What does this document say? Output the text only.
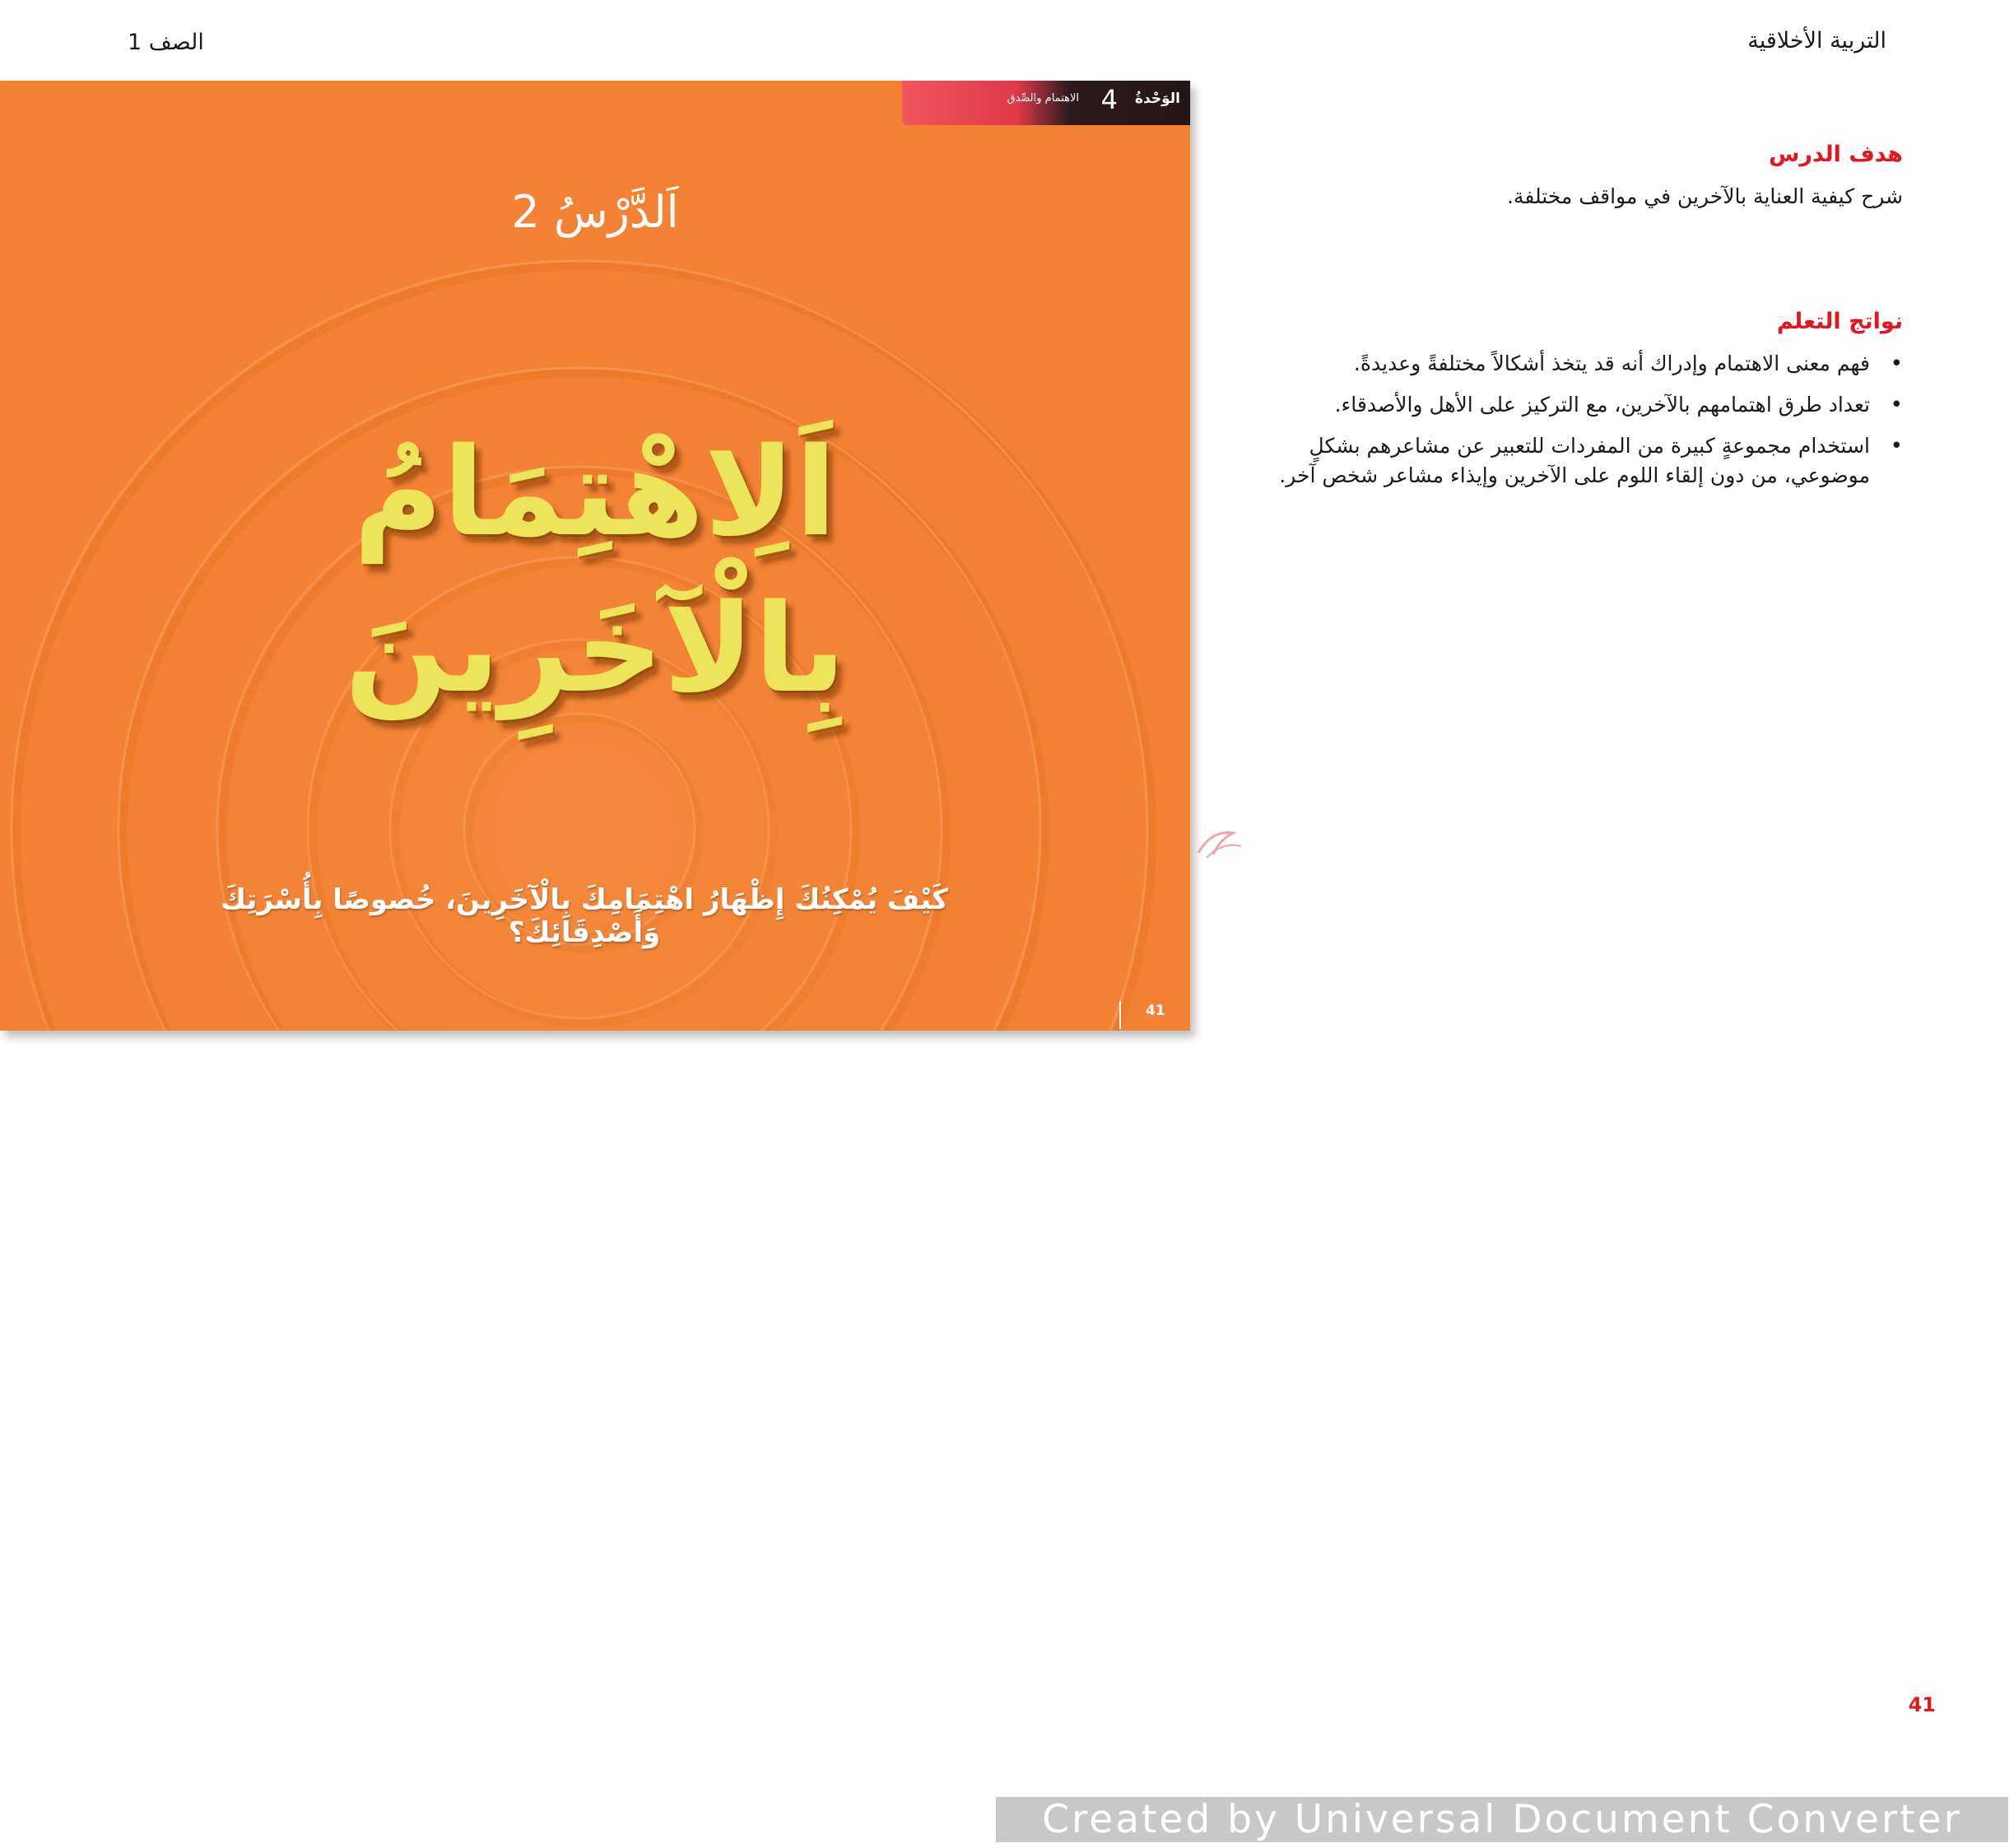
التربية الأخلاقية
الصف 1
الوَحْدةُ
4
الاهتمام والصِّدق
اَلدَّرْسُ 2
اَلِاهْتِمَامُ
بِالْآخَرِينَ
كَيْفَ يُمْكِنُكَ إِظْهَارُ اهْتِمَامِكَ بِالْآخَرِينَ، خُصوصًا بِأُسْرَتِكَ
وَأَصْدِقَائِكَ؟
41
هدف الدرس
شرح كيفية العناية بالآخرين في مواقف مختلفة.
نواتج التعلم
•
فهم معنى الاهتمام وإدراك أنه قد يتخذ أشكالاً مختلفةً وعديدةً.
•
تعداد طرق اهتمامهم بالآخرين، مع التركيز على الأهل والأصدقاء.
•
استخدام مجموعةٍ كبيرة من المفردات للتعبير عن مشاعرهم بشكلٍ موضوعي، من دون إلقاء اللوم على الآخرين وإيذاء مشاعر شخص آخر.
41
Created by Universal Document Converter
